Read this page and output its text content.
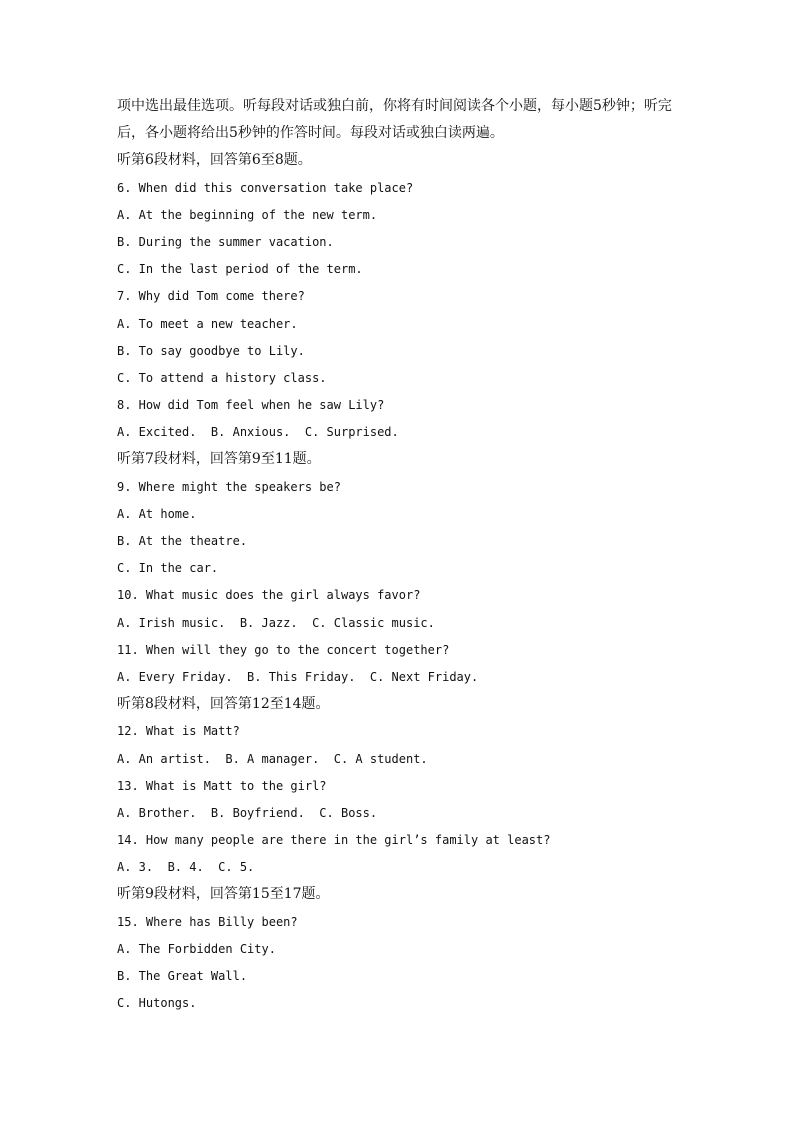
项中选出最佳选项。听每段对话或独白前，你将有时间阅读各个小题，每小题5秒钟；听完
后，各小题将给出5秒钟的作答时间。每段对话或独白读两遍。
听第6段材料，回答第6至8题。
6. When did this conversation take place?
A. At the beginning of the new term.
B. During the summer vacation.
C. In the last period of the term.
7. Why did Tom come there?
A. To meet a new teacher.
B. To say goodbye to Lily.
C. To attend a history class.
8. How did Tom feel when he saw Lily?
A. Excited.  B. Anxious.  C. Surprised.
听第7段材料，回答第9至11题。
9. Where might the speakers be?
A. At home.
B. At the theatre.
C. In the car.
10. What music does the girl always favor?
A. Irish music.  B. Jazz.  C. Classic music.
11. When will they go to the concert together?
A. Every Friday.  B. This Friday.  C. Next Friday.
听第8段材料，回答第12至14题。
12. What is Matt?
A. An artist.  B. A manager.  C. A student.
13. What is Matt to the girl?
A. Brother.  B. Boyfriend.  C. Boss.
14. How many people are there in the girl’s family at least?
A. 3.  B. 4.  C. 5.
听第9段材料，回答第15至17题。
15. Where has Billy been?
A. The Forbidden City.
B. The Great Wall.
C. Hutongs.
